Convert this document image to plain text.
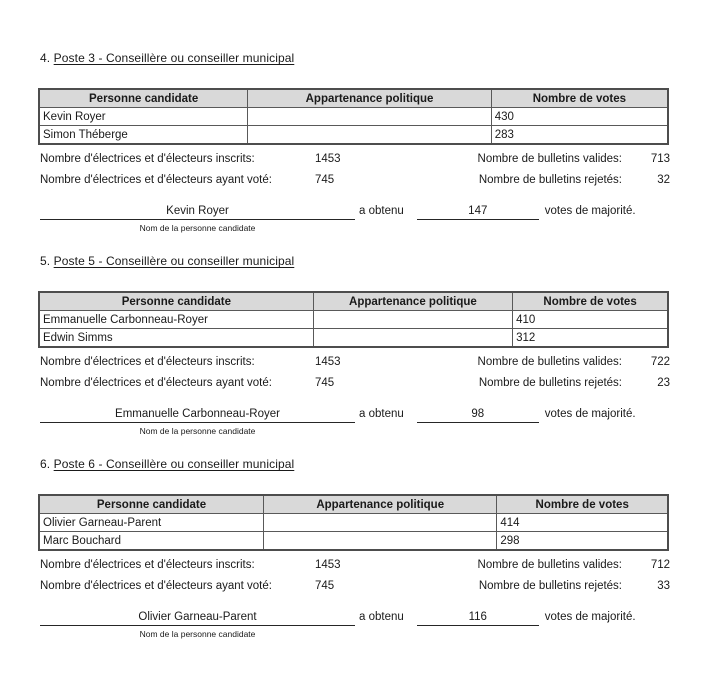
4. Poste 3 - Conseillère ou conseiller municipal
Personne candidate	Appartenance politique	Nombre de votes
Kevin Royer		430
Simon Théberge		283
Nombre d'électrices et d'électeurs inscrits:	1453	Nombre de bulletins valides:	713
Nombre d'électrices et d'électeurs ayant voté:	745	Nombre de bulletins rejetés:	32
Kevin Royer	a obtenu	147	votes de majorité.
Nom de la personne candidate
5. Poste 5 - Conseillère ou conseiller municipal
Personne candidate	Appartenance politique	Nombre de votes
Emmanuelle Carbonneau-Royer		410
Edwin Simms		312
Nombre d'électrices et d'électeurs inscrits:	1453	Nombre de bulletins valides:	722
Nombre d'électrices et d'électeurs ayant voté:	745	Nombre de bulletins rejetés:	23
Emmanuelle Carbonneau-Royer	a obtenu	98	votes de majorité.
Nom de la personne candidate
6. Poste 6 - Conseillère ou conseiller municipal
Personne candidate	Appartenance politique	Nombre de votes
Olivier Garneau-Parent		414
Marc Bouchard		298
Nombre d'électrices et d'électeurs inscrits:	1453	Nombre de bulletins valides:	712
Nombre d'électrices et d'électeurs ayant voté:	745	Nombre de bulletins rejetés:	33
Olivier Garneau-Parent	a obtenu	116	votes de majorité.
Nom de la personne candidate
